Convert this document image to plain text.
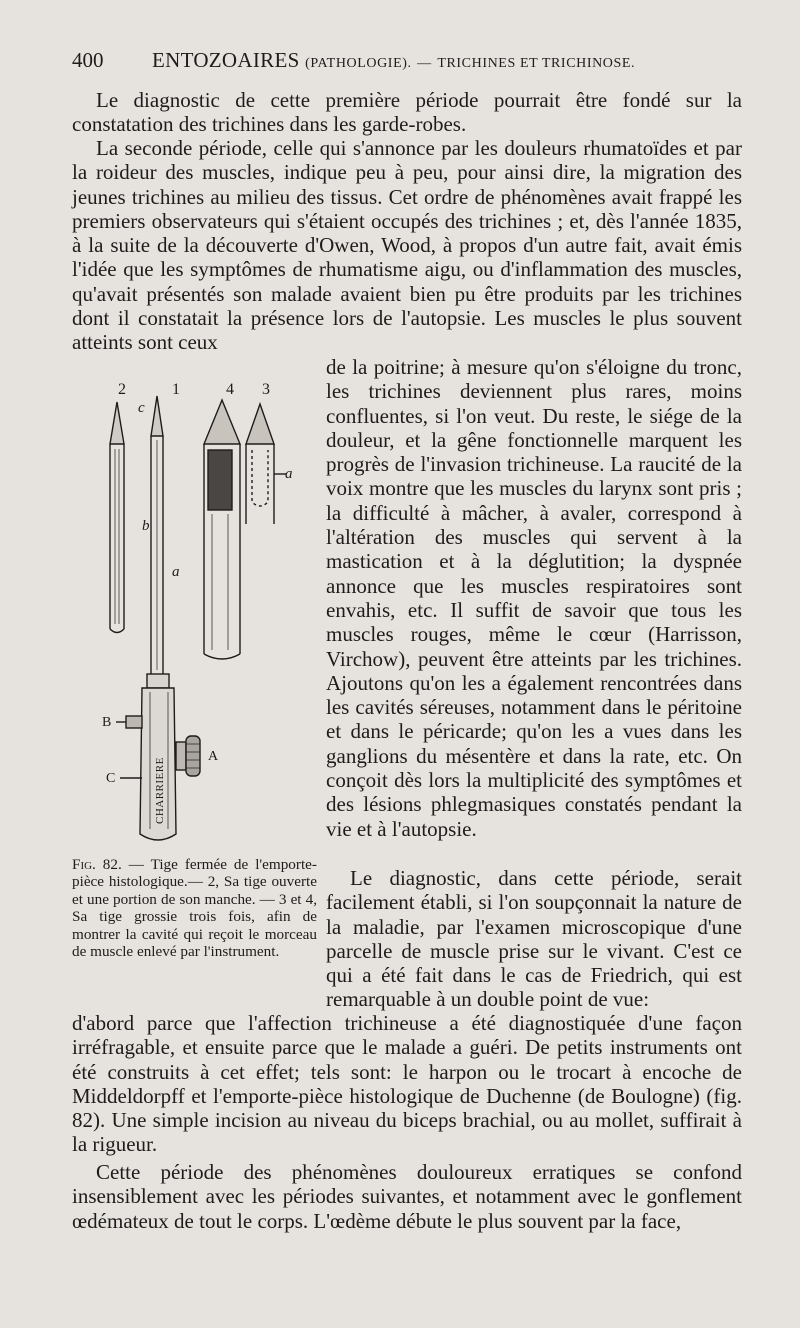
400 ENTOZOAIRES (PATHOLOGIE). — TRICHINES ET TRICHINOSE.

Le diagnostic de cette première période pourrait être fondé sur la constatation des trichines dans les garde-robes.

La seconde période, celle qui s'annonce par les douleurs rhumatoïdes et par la roideur des muscles, indique peu à peu, pour ainsi dire, la migration des jeunes trichines au milieu des tissus. Cet ordre de phénomènes avait frappé les premiers observateurs qui s'étaient occupés des trichines ; et, dès l'année 1835, à la suite de la découverte d'Owen, Wood, à propos d'un autre fait, avait émis l'idée que les symptômes de rhumatisme aigu, ou d'inflammation des muscles, qu'avait présentés son malade avaient bien pu être produits par les trichines dont il constatait la présence lors de l'autopsie. Les muscles le plus souvent atteints sont ceux

de la poitrine; à mesure qu'on s'éloigne du tronc, les trichines deviennent plus rares, moins confluentes, si l'on veut. Du reste, le siége de la douleur, et la gêne fonctionnelle marquent les progrès de l'invasion trichineuse. La raucité de la voix montre que les muscles du larynx sont pris ; la difficulté à mâcher, à avaler, correspond à l'altération des muscles qui servent à la mastication et à la déglutition; la dyspnée annonce que les muscles respiratoires sont envahis, etc. Il suffit de savoir que tous les muscles rouges, même le cœur (Harrisson, Virchow), peuvent être atteints par les trichines. Ajoutons qu'on les a également rencontrées dans les cavités séreuses, notamment dans le péritoine et dans le péricarde; qu'on les a vues dans les ganglions du mésentère et dans la rate, etc. On conçoit dès lors la multiplicité des symptômes et des lésions phlegmasiques constatés pendant la vie et à l'autopsie.

Le diagnostic, dans cette période, serait facilement établi, si l'on soupçonnait la nature de la maladie, par l'examen microscopique d'une parcelle de muscle prise sur le vivant. C'est ce qui a été fait dans le cas de Friedrich, qui est remarquable à un double point de vue:

d'abord parce que l'affection trichineuse a été diagnostiquée d'une façon irréfragable, et ensuite parce que le malade a guéri. De petits instruments ont été construits à cet effet; tels sont: le harpon ou le trocart à encoche de Middeldorpff et l'emporte-pièce histologique de Duchenne (de Boulogne) (fig. 82). Une simple incision au niveau du biceps brachial, ou au mollet, suffirait à la rigueur.

Cette période des phénomènes douloureux erratiques se confond insensiblement avec les périodes suivantes, et notamment avec le gonflement œdémateux de tout le corps. L'œdème débute le plus souvent par la face,

2	1	4 3
c
a
b
a
B
A
C	CHARRIERE

Fig. 82. — Tige fermée de l'emporte-pièce histologique.— 2, Sa tige ouverte et une portion de son manche. — 3 et 4, Sa tige grossie trois fois, afin de montrer la cavité qui reçoit le morceau de muscle enlevé par l'instrument.
